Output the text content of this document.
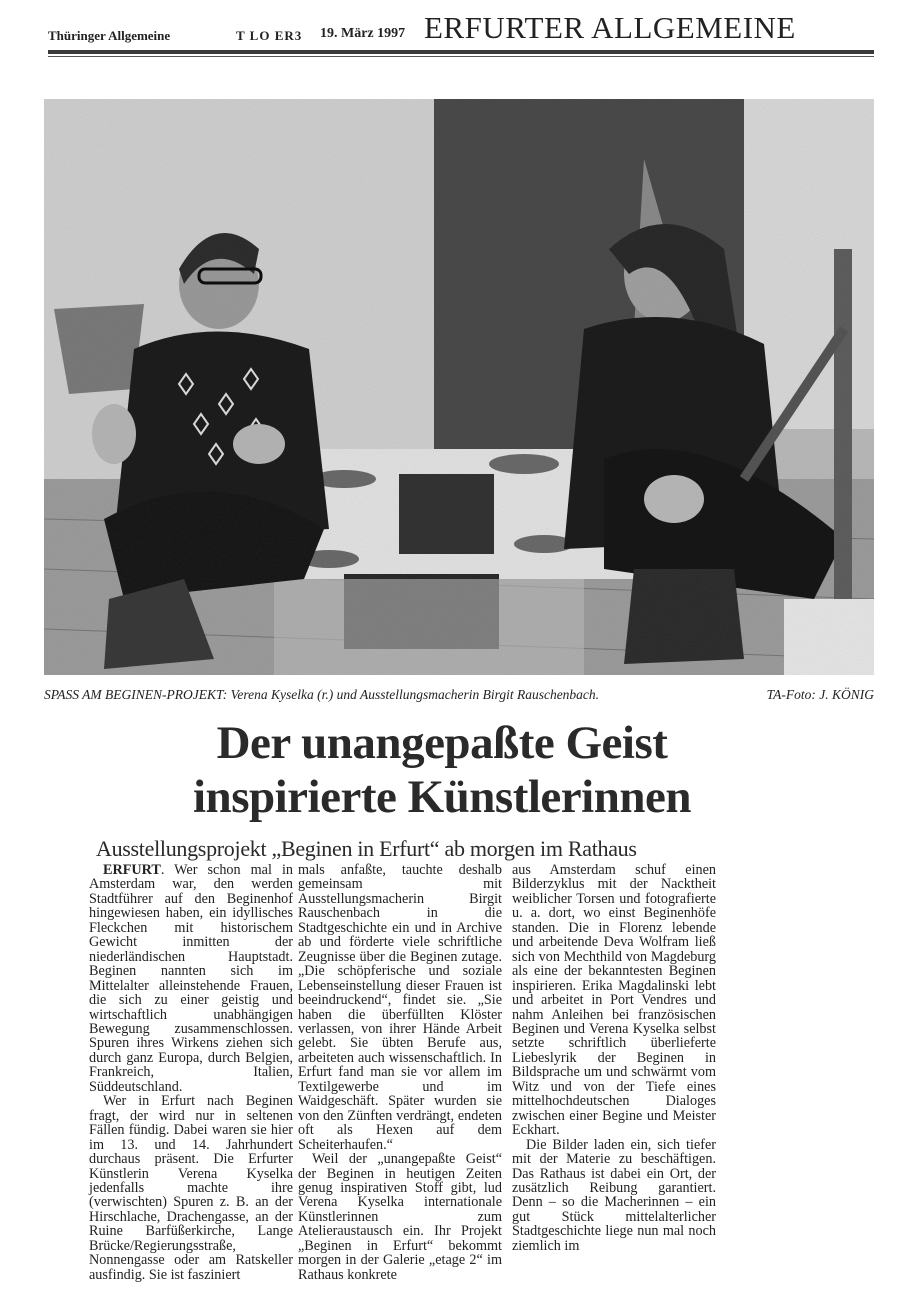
Thüringer Allgemeine	T LO ER3 19. März 1997 ERFURTER ALLGEMEINE
SPASS AM BEGINEN-PROJEKT: Verena Kyselka (r.) und Ausstellungsmacherin Birgit Rauschenbach.	TA-Foto: J. KÖNIG
Der unangepaßte Geist
inspirierte Künstlerinnen
Ausstellungsprojekt „Beginen in Erfurt“ ab morgen im Rathaus

ERFURT. Wer schon mal in Amsterdam war, den werden Stadtführer auf den Beginenhof hingewiesen haben, ein idyllisches Fleckchen mit historischem Gewicht inmitten der niederländischen Hauptstadt. Beginen nannten sich im Mittelalter alleinstehende Frauen, die sich zu einer geistig und wirtschaftlich unabhängigen Bewegung zusammenschlossen. Spuren ihres Wirkens ziehen sich durch ganz Europa, durch Belgien, Frankreich, Italien, Süddeutschland.

Wer in Erfurt nach Beginen fragt, der wird nur in seltenen Fällen fündig. Dabei waren sie hier im 13. und 14. Jahrhundert durchaus präsent. Die Erfurter Künstlerin Verena Kyselka jedenfalls machte ihre (verwischten) Spuren z. B. an der Hirschlache, Drachengasse, an der Ruine Barfüßerkirche, Lange Brücke/Regierungsstraße, Nonnengasse oder am Ratskeller ausfindig. Sie ist fasziniert

mals anfaßte, tauchte deshalb gemeinsam mit Ausstellungsmacherin Birgit Rauschenbach in die Stadtgeschichte ein und in Archive ab und förderte viele schriftliche Zeugnisse über die Beginen zutage. „Die schöpferische und soziale Lebenseinstellung dieser Frauen ist beeindruckend“, findet sie. „Sie haben die überfüllten Klöster verlassen, von ihrer Hände Arbeit gelebt. Sie übten Berufe aus, arbeiteten auch wissenschaftlich. In Erfurt fand man sie vor allem im Textilgewerbe und im Waidgeschäft. Später wurden sie von den Zünften verdrängt, endeten oft als Hexen auf dem Scheiterhaufen.“

Weil der „unangepaßte Geist“ der Beginen in heutigen Zeiten genug inspirativen Stoff gibt, lud Verena Kyselka internationale Künstlerinnen zum Atelieraustausch ein. Ihr Projekt „Beginen in Erfurt“ bekommt morgen in der Galerie „etage 2“ im Rathaus konkrete

aus Amsterdam schuf einen Bilderzyklus mit der Nacktheit weiblicher Torsen und fotografierte u. a. dort, wo einst Beginenhöfe standen. Die in Florenz lebende und arbeitende Deva Wolfram ließ sich von Mechthild von Magdeburg als eine der bekanntesten Beginen inspirieren. Erika Magdalinski lebt und arbeitet in Port Vendres und nahm Anleihen bei französischen Beginen und Verena Kyselka selbst setzte schriftlich überlieferte Liebeslyrik der Beginen in Bildsprache um und schwärmt vom Witz und von der Tiefe eines mittelhochdeutschen Dialoges zwischen einer Begine und Meister Eckhart.

Die Bilder laden ein, sich tiefer mit der Materie zu beschäftigen. Das Rathaus ist dabei ein Ort, der zusätzlich Reibung garantiert. Denn – so die Macherinnen – ein gut Stück mittelalterlicher Stadtgeschichte liege nun mal noch ziemlich im
